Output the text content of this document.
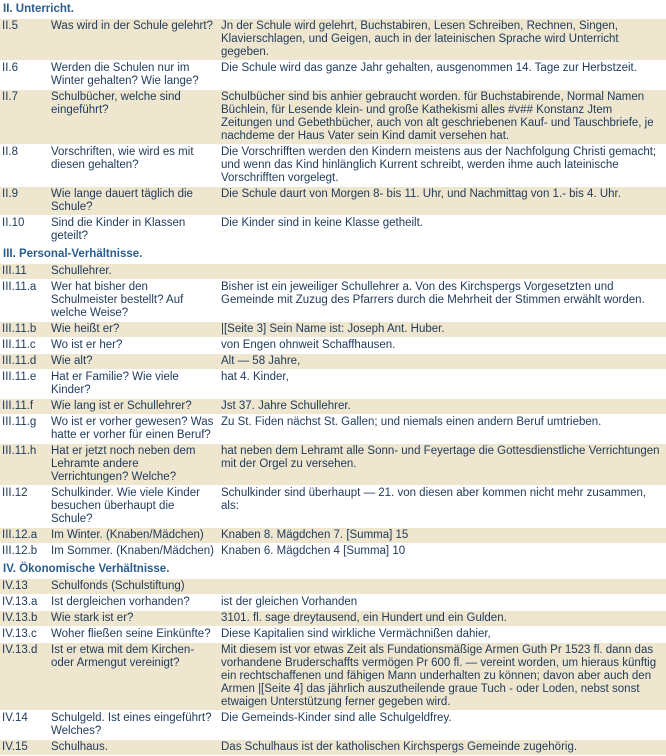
II. Unterricht.		
II.5	Was wird in der Schule gelehrt?	Jn der Schule wird gelehrt, Buchstabiren, Lesen Schreiben, Rechnen, Singen, Klavierschlagen, und Geigen, auch in der lateinischen Sprache wird Unterricht gegeben.
II.6	Werden die Schulen nur im Winter gehalten? Wie lange?	Die Schule wird das ganze Jahr gehalten, ausgenommen 14. Tage zur Herbstzeit.
II.7	Schulbücher, welche sind eingeführt?	Schulbücher sind bis anhier gebraucht worden. für Buchstabirende, Normal Namen Büchlein, für Lesende klein- und große Kathekismi alles #v## Konstanz Jtem Zeitungen und Gebethbücher, auch von alt geschriebenen Kauf- und Tauschbriefe, je nachdeme der Haus Vater sein Kind damit versehen hat.
II.8	Vorschriften, wie wird es mit diesen gehalten?	Die Vorschrifften werden den Kindern meistens aus der Nachfolgung Christi gemacht; und wenn das Kind hinlänglich Kurrent schreibt, werden ihme auch lateinische Vorschrifften vorgelegt.
II.9	Wie lange dauert täglich die Schule?	Die Schule daurt von Morgen 8- bis 11. Uhr, und Nachmittag von 1.- bis 4. Uhr.
II.10	Sind die Kinder in Klassen geteilt?	Die Kinder sind in keine Klasse getheilt.
III. Personal-Verhältnisse.		
III.11	Schullehrer.	
III.11.a	Wer hat bisher den Schulmeister bestellt? Auf welche Weise?	Bisher ist ein jeweiliger Schullehrer a. Von des Kirchspergs Vorgesetzten und Gemeinde mit Zuzug des Pfarrers durch die Mehrheit der Stimmen erwählt worden.
III.11.b	Wie heißt er?	|[Seite 3] Sein Name ist: Joseph Ant. Huber.
III.11.c	Wo ist er her?	von Engen ohnweit Schaffhausen.
III.11.d	Wie alt?	Alt — 58 Jahre,
III.11.e	Hat er Familie? Wie viele Kinder?	hat 4. Kinder,
III.11.f	Wie lang ist er Schullehrer?	Jst 37. Jahre Schullehrer.
III.11.g	Wo ist er vorher gewesen? Was hatte er vorher für einen Beruf?	Zu St. Fiden nächst St. Gallen; und niemals einen andern Beruf umtrieben.
III.11.h	Hat er jetzt noch neben dem Lehramte andere Verrichtungen? Welche?	hat neben dem Lehramt alle Sonn- und Feyertage die Gottesdienstliche Verrichtungen mit der Orgel zu versehen.
III.12	Schulkinder. Wie viele Kinder besuchen überhaupt die Schule?	Schulkinder sind überhaupt — 21. von diesen aber kommen nicht mehr zusammen, als:
III.12.a	Im Winter. (Knaben/Mädchen)	Knaben 8. Mägdchen 7. [Summa] 15
III.12.b	Im Sommer. (Knaben/Mädchen)	Knaben 6. Mägdchen 4 [Summa] 10
IV. Ökonomische Verhältnisse.		
IV.13	Schulfonds (Schulstiftung)	
IV.13.a	Ist dergleichen vorhanden?	ist der gleichen Vorhanden
IV.13.b	Wie stark ist er?	3101. fl. sage dreytausend, ein Hundert und ein Gulden.
IV.13.c	Woher fließen seine Einkünfte?	Diese Kapitalien sind wirkliche Vermächnißen dahier,
IV.13.d	Ist er etwa mit dem Kirchen- oder Armengut vereinigt?	Mit diesem ist vor etwas Zeit als Fundationsmäßige Armen Guth Pr 1523 fl. dann das vorhandene Bruderschaffts vermögen Pr 600 fl. — vereint worden, um hieraus künftig ein rechtschaffenen und fähigen Mann underhalten zu können; davon aber auch den Armen |[Seite 4] das jährlich auszutheilende graue Tuch - oder Loden, nebst sonst etwaigen Unterstützung ferner gegeben wird.
IV.14	Schulgeld. Ist eines eingeführt? Welches?	Die Gemeinds-Kinder sind alle Schulgeldfrey.
IV.15	Schulhaus.	Das Schulhaus ist der katholischen Kirchspergs Gemeinde zugehörig.
